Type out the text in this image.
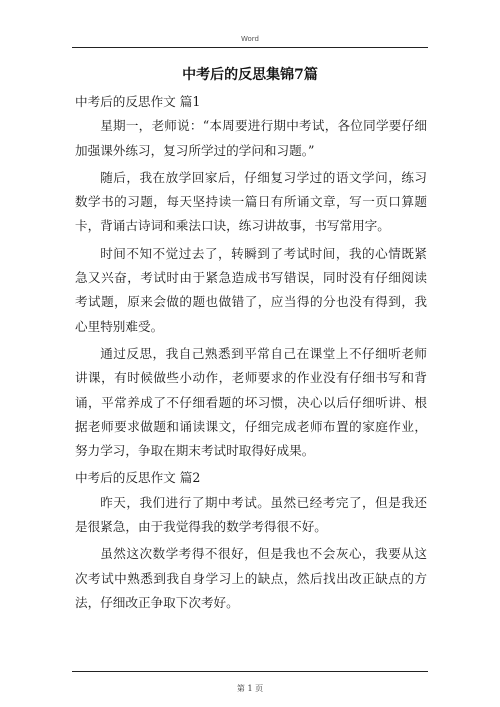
Word
中考后的反思集锦7篇

中考后的反思作文 篇1

星期一，老师说：“本周要进行期中考试，各位同学要仔细加强课外练习，复习所学过的学问和习题。”

随后，我在放学回家后，仔细复习学过的语文学问，练习数学书的习题，每天坚持读一篇日有所诵文章，写一页口算题卡，背诵古诗词和乘法口诀，练习讲故事，书写常用字。

时间不知不觉过去了，转瞬到了考试时间，我的心情既紧急又兴奋，考试时由于紧急造成书写错误，同时没有仔细阅读考试题，原来会做的题也做错了，应当得的分也没有得到，我心里特别难受。

通过反思，我自己熟悉到平常自己在课堂上不仔细听老师讲课，有时候做些小动作，老师要求的作业没有仔细书写和背诵，平常养成了不仔细看题的坏习惯，决心以后仔细听讲、根据老师要求做题和诵读课文，仔细完成老师布置的家庭作业，努力学习，争取在期末考试时取得好成果。

中考后的反思作文 篇2

昨天，我们进行了期中考试。虽然已经考完了，但是我还是很紧急，由于我觉得我的数学考得很不好。

虽然这次数学考得不很好，但是我也不会灰心，我要从这次考试中熟悉到我自身学习上的缺点，然后找出改正缺点的方法，仔细改正争取下次考好。

第 1 页
